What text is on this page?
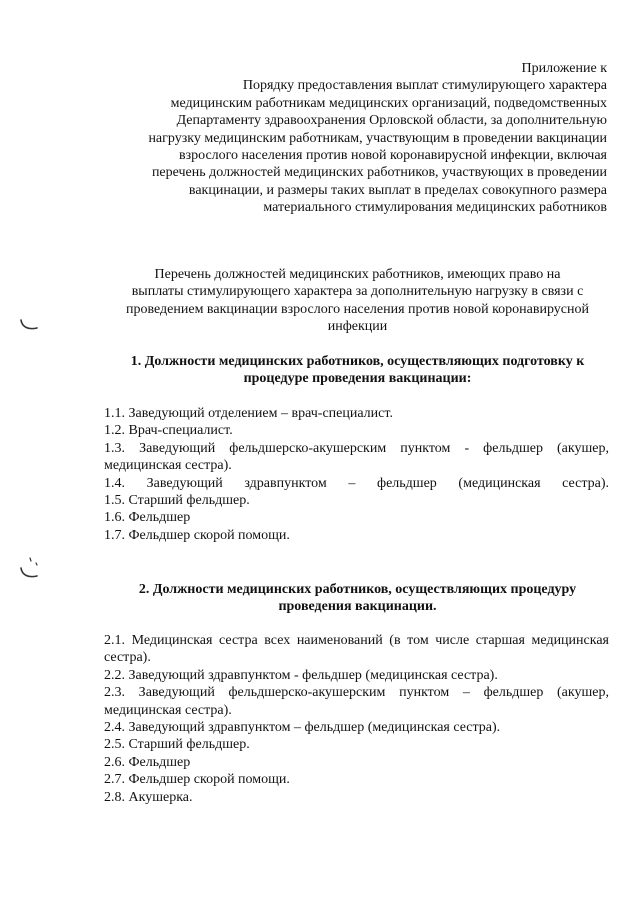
Приложение к
Порядку предоставления выплат стимулирующего характера
медицинским работникам медицинских организаций, подведомственных
Департаменту здравоохранения Орловской области, за дополнительную
нагрузку медицинским работникам, участвующим в проведении вакцинации
взрослого населения против новой коронавирусной инфекции, включая
перечень должностей медицинских работников, участвующих в проведении
вакцинации, и размеры таких выплат в пределах совокупного размера
материального стимулирования медицинских работников
Перечень должностей медицинских работников, имеющих право на
выплаты стимулирующего характера за дополнительную нагрузку в связи с
проведением вакцинации взрослого населения против новой коронавирусной
инфекции
1. Должности медицинских работников, осуществляющих подготовку к
процедуре проведения вакцинации:
1.1. Заведующий отделением – врач-специалист.
1.2. Врач-специалист.
1.3. Заведующий фельдшерско-акушерским пунктом - фельдшер (акушер, медицинская сестра).
1.4. Заведующий здравпунктом – фельдшер (медицинская сестра).
1.5. Старший фельдшер.
1.6. Фельдшер
1.7. Фельдшер скорой помощи.
2. Должности медицинских работников, осуществляющих процедуру
проведения вакцинации.
2.1. Медицинская сестра всех наименований (в том числе старшая медицинская сестра).
2.2. Заведующий здравпунктом - фельдшер (медицинская сестра).
2.3. Заведующий фельдшерско-акушерским пунктом – фельдшер (акушер, медицинская сестра).
2.4. Заведующий здравпунктом – фельдшер (медицинская сестра).
2.5. Старший фельдшер.
2.6. Фельдшер
2.7. Фельдшер скорой помощи.
2.8. Акушерка.
